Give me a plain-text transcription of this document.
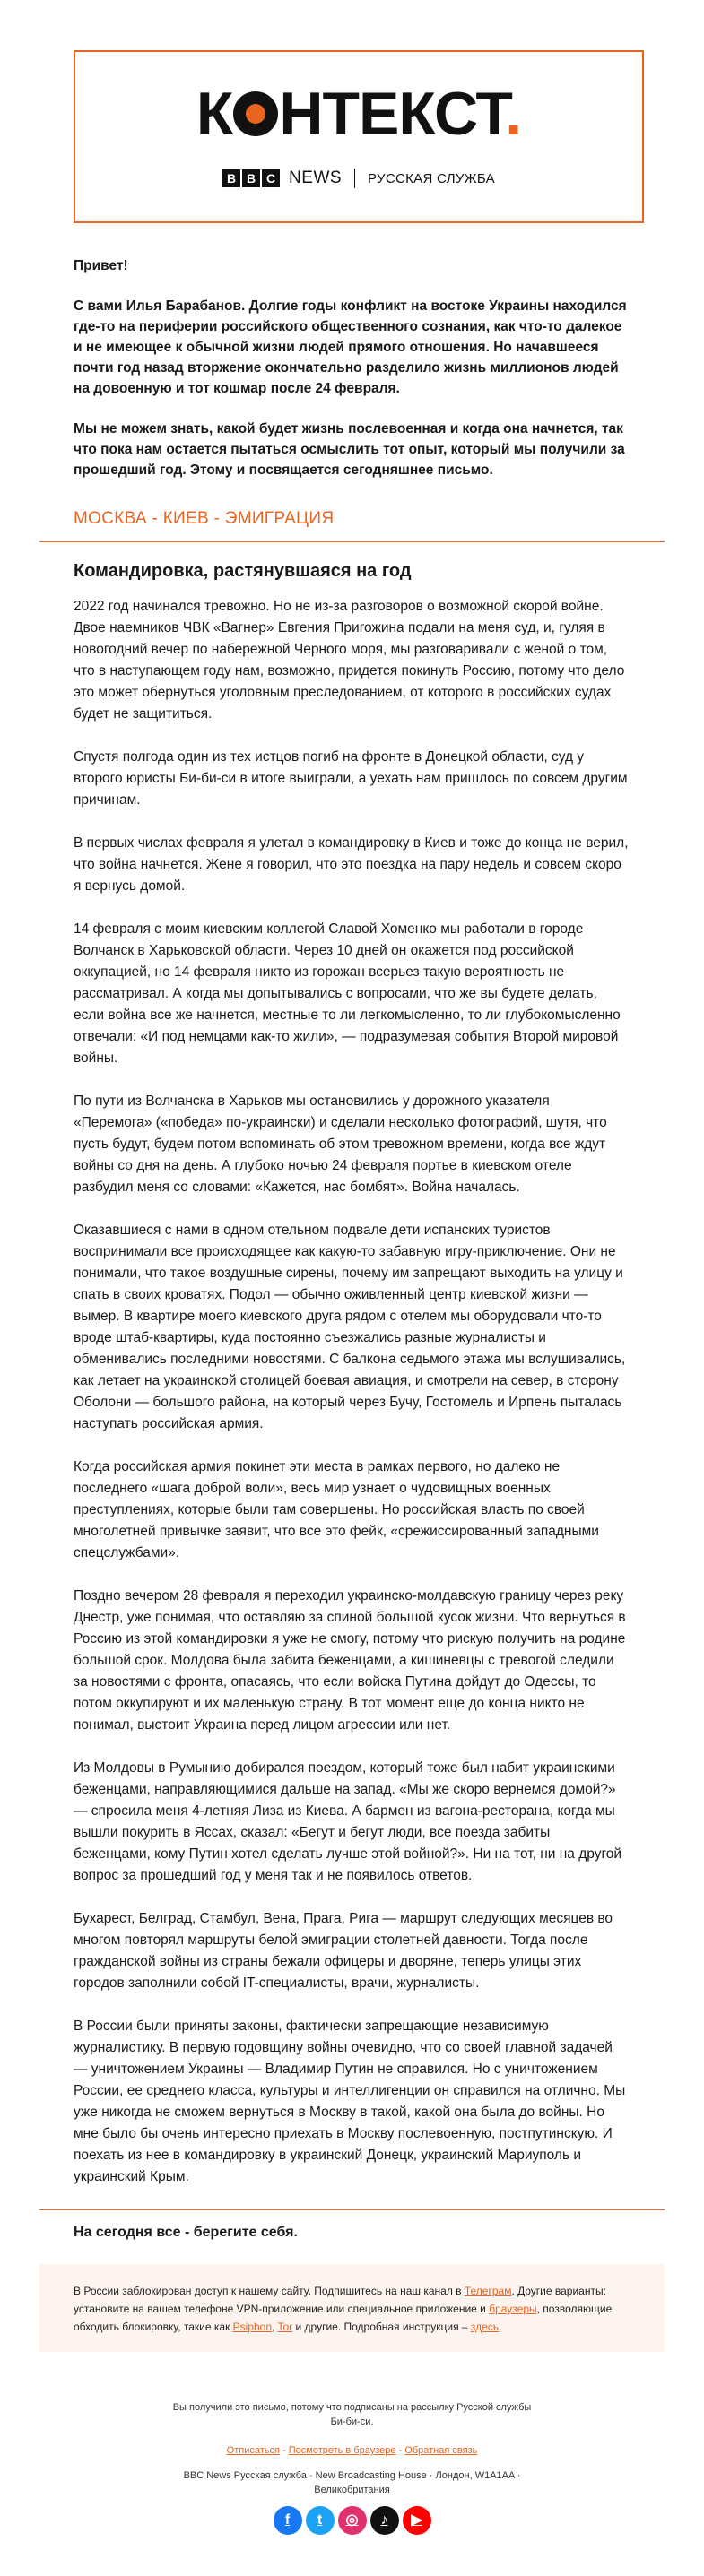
К НТЕКСТ.
B B C NEWS РУССКАЯ СЛУЖБА

Привет!

С вами Илья Барабанов. Долгие годы конфликт на востоке Украины находился где-то на периферии российского общественного сознания, как что-то далекое и не имеющее к обычной жизни людей прямого отношения. Но начавшееся почти год назад вторжение окончательно разделило жизнь миллионов людей на довоенную и тот кошмар после 24 февраля.

Мы не можем знать, какой будет жизнь послевоенная и когда она начнется, так что пока нам остается пытаться осмыслить тот опыт, который мы получили за прошедший год. Этому и посвящается сегодняшнее письмо.

МОСКВА - КИЕВ - ЭМИГРАЦИЯ
Командировка, растянувшаяся на год

2022 год начинался тревожно. Но не из-за разговоров о возможной скорой войне. Двое наемников ЧВК «Вагнер» Евгения Пригожина подали на меня суд, и, гуляя в новогодний вечер по набережной Черного моря, мы разговаривали с женой о том, что в наступающем году нам, возможно, придется покинуть Россию, потому что дело это может обернуться уголовным преследованием, от которого в российских судах будет не защититься.

Спустя полгода один из тех истцов погиб на фронте в Донецкой области, суд у второго юристы Би-би-си в итоге выиграли, а уехать нам пришлось по совсем другим причинам.

В первых числах февраля я улетал в командировку в Киев и тоже до конца не верил, что война начнется. Жене я говорил, что это поездка на пару недель и совсем скоро я вернусь домой.

14 февраля с моим киевским коллегой Славой Хоменко мы работали в городе Волчанск в Харьковской области. Через 10 дней он окажется под российской оккупацией, но 14 февраля никто из горожан всерьез такую вероятность не рассматривал. А когда мы допытывались с вопросами, что же вы будете делать, если война все же начнется, местные то ли легкомысленно, то ли глубокомысленно отвечали: «И под немцами как-то жили», — подразумевая события Второй мировой войны.

По пути из Волчанска в Харьков мы остановились у дорожного указателя «Перемога» («победа» по-украински) и сделали несколько фотографий, шутя, что пусть будут, будем потом вспоминать об этом тревожном времени, когда все ждут войны со дня на день. А глубоко ночью 24 февраля портье в киевском отеле разбудил меня со словами: «Кажется, нас бомбят». Война началась.

Оказавшиеся с нами в одном отельном подвале дети испанских туристов воспринимали все происходящее как какую-то забавную игру-приключение. Они не понимали, что такое воздушные сирены, почему им запрещают выходить на улицу и спать в своих кроватях. Подол — обычно оживленный центр киевской жизни — вымер. В квартире моего киевского друга рядом с отелем мы оборудовали что-то вроде штаб-квартиры, куда постоянно съезжались разные журналисты и обменивались последними новостями. С балкона седьмого этажа мы вслушивались, как летает на украинской столицей боевая авиация, и смотрели на север, в сторону Оболони — большого района, на который через Бучу, Гостомель и Ирпень пыталась наступать российская армия.

Когда российская армия покинет эти места в рамках первого, но далеко не последнего «шага доброй воли», весь мир узнает о чудовищных военных преступлениях, которые были там совершены. Но российская власть по своей многолетней привычке заявит, что все это фейк, «срежиссированный западными спецслужбами».

Поздно вечером 28 февраля я переходил украинско-молдавскую границу через реку Днестр, уже понимая, что оставляю за спиной большой кусок жизни. Что вернуться в Россию из этой командировки я уже не смогу, потому что рискую получить на родине большой срок. Молдова была забита беженцами, а кишиневцы с тревогой следили за новостями с фронта, опасаясь, что если войска Путина дойдут до Одессы, то потом оккупируют и их маленькую страну. В тот момент еще до конца никто не понимал, выстоит Украина перед лицом агрессии или нет.

Из Молдовы в Румынию добирался поездом, который тоже был набит украинскими беженцами, направляющимися дальше на запад. «Мы же скоро вернемся домой?» — спросила меня 4-летняя Лиза из Киева. А бармен из вагона-ресторана, когда мы вышли покурить в Яссах, сказал: «Бегут и бегут люди, все поезда забиты беженцами, кому Путин хотел сделать лучше этой войной?». Ни на тот, ни на другой вопрос за прошедший год у меня так и не появилось ответов.

Бухарест, Белград, Стамбул, Вена, Прага, Рига — маршрут следующих месяцев во многом повторял маршруты белой эмиграции столетней давности. Тогда после гражданской войны из страны бежали офицеры и дворяне, теперь улицы этих городов заполнили собой IT-специалисты, врачи, журналисты.

В России были приняты законы, фактически запрещающие независимую журналистику. В первую годовщину войны очевидно, что со своей главной задачей — уничтожением Украины — Владимир Путин не справился. Но с уничтожением России, ее среднего класса, культуры и интеллигенции он справился на отлично. Мы уже никогда не сможем вернуться в Москву в такой, какой она была до войны. Но мне было бы очень интересно приехать в Москву послевоенную, постпутинскую. И поехать из нее в командировку в украинский Донецк, украинский Мариуполь и украинский Крым.

На сегодня все - берегите себя.
В России заблокирован доступ к нашему сайту. Подпишитесь на наш канал в Телеграм. Другие варианты: установите на вашем телефоне VPN-приложение или специальное приложение и браузеры, позволяющие обходить блокировку, такие как Psiphon, Tor и другие. Подробная инструкция – здесь.
Вы получили это письмо, потому что подписаны на рассылку Русской службы Би-би-си.
Отписаться - Посмотреть в браузере - Обратная связь
BBC News Русская служба · New Broadcasting House · Лондон, W1A1AA · Великобритания
f	t	◎	♪	▶
